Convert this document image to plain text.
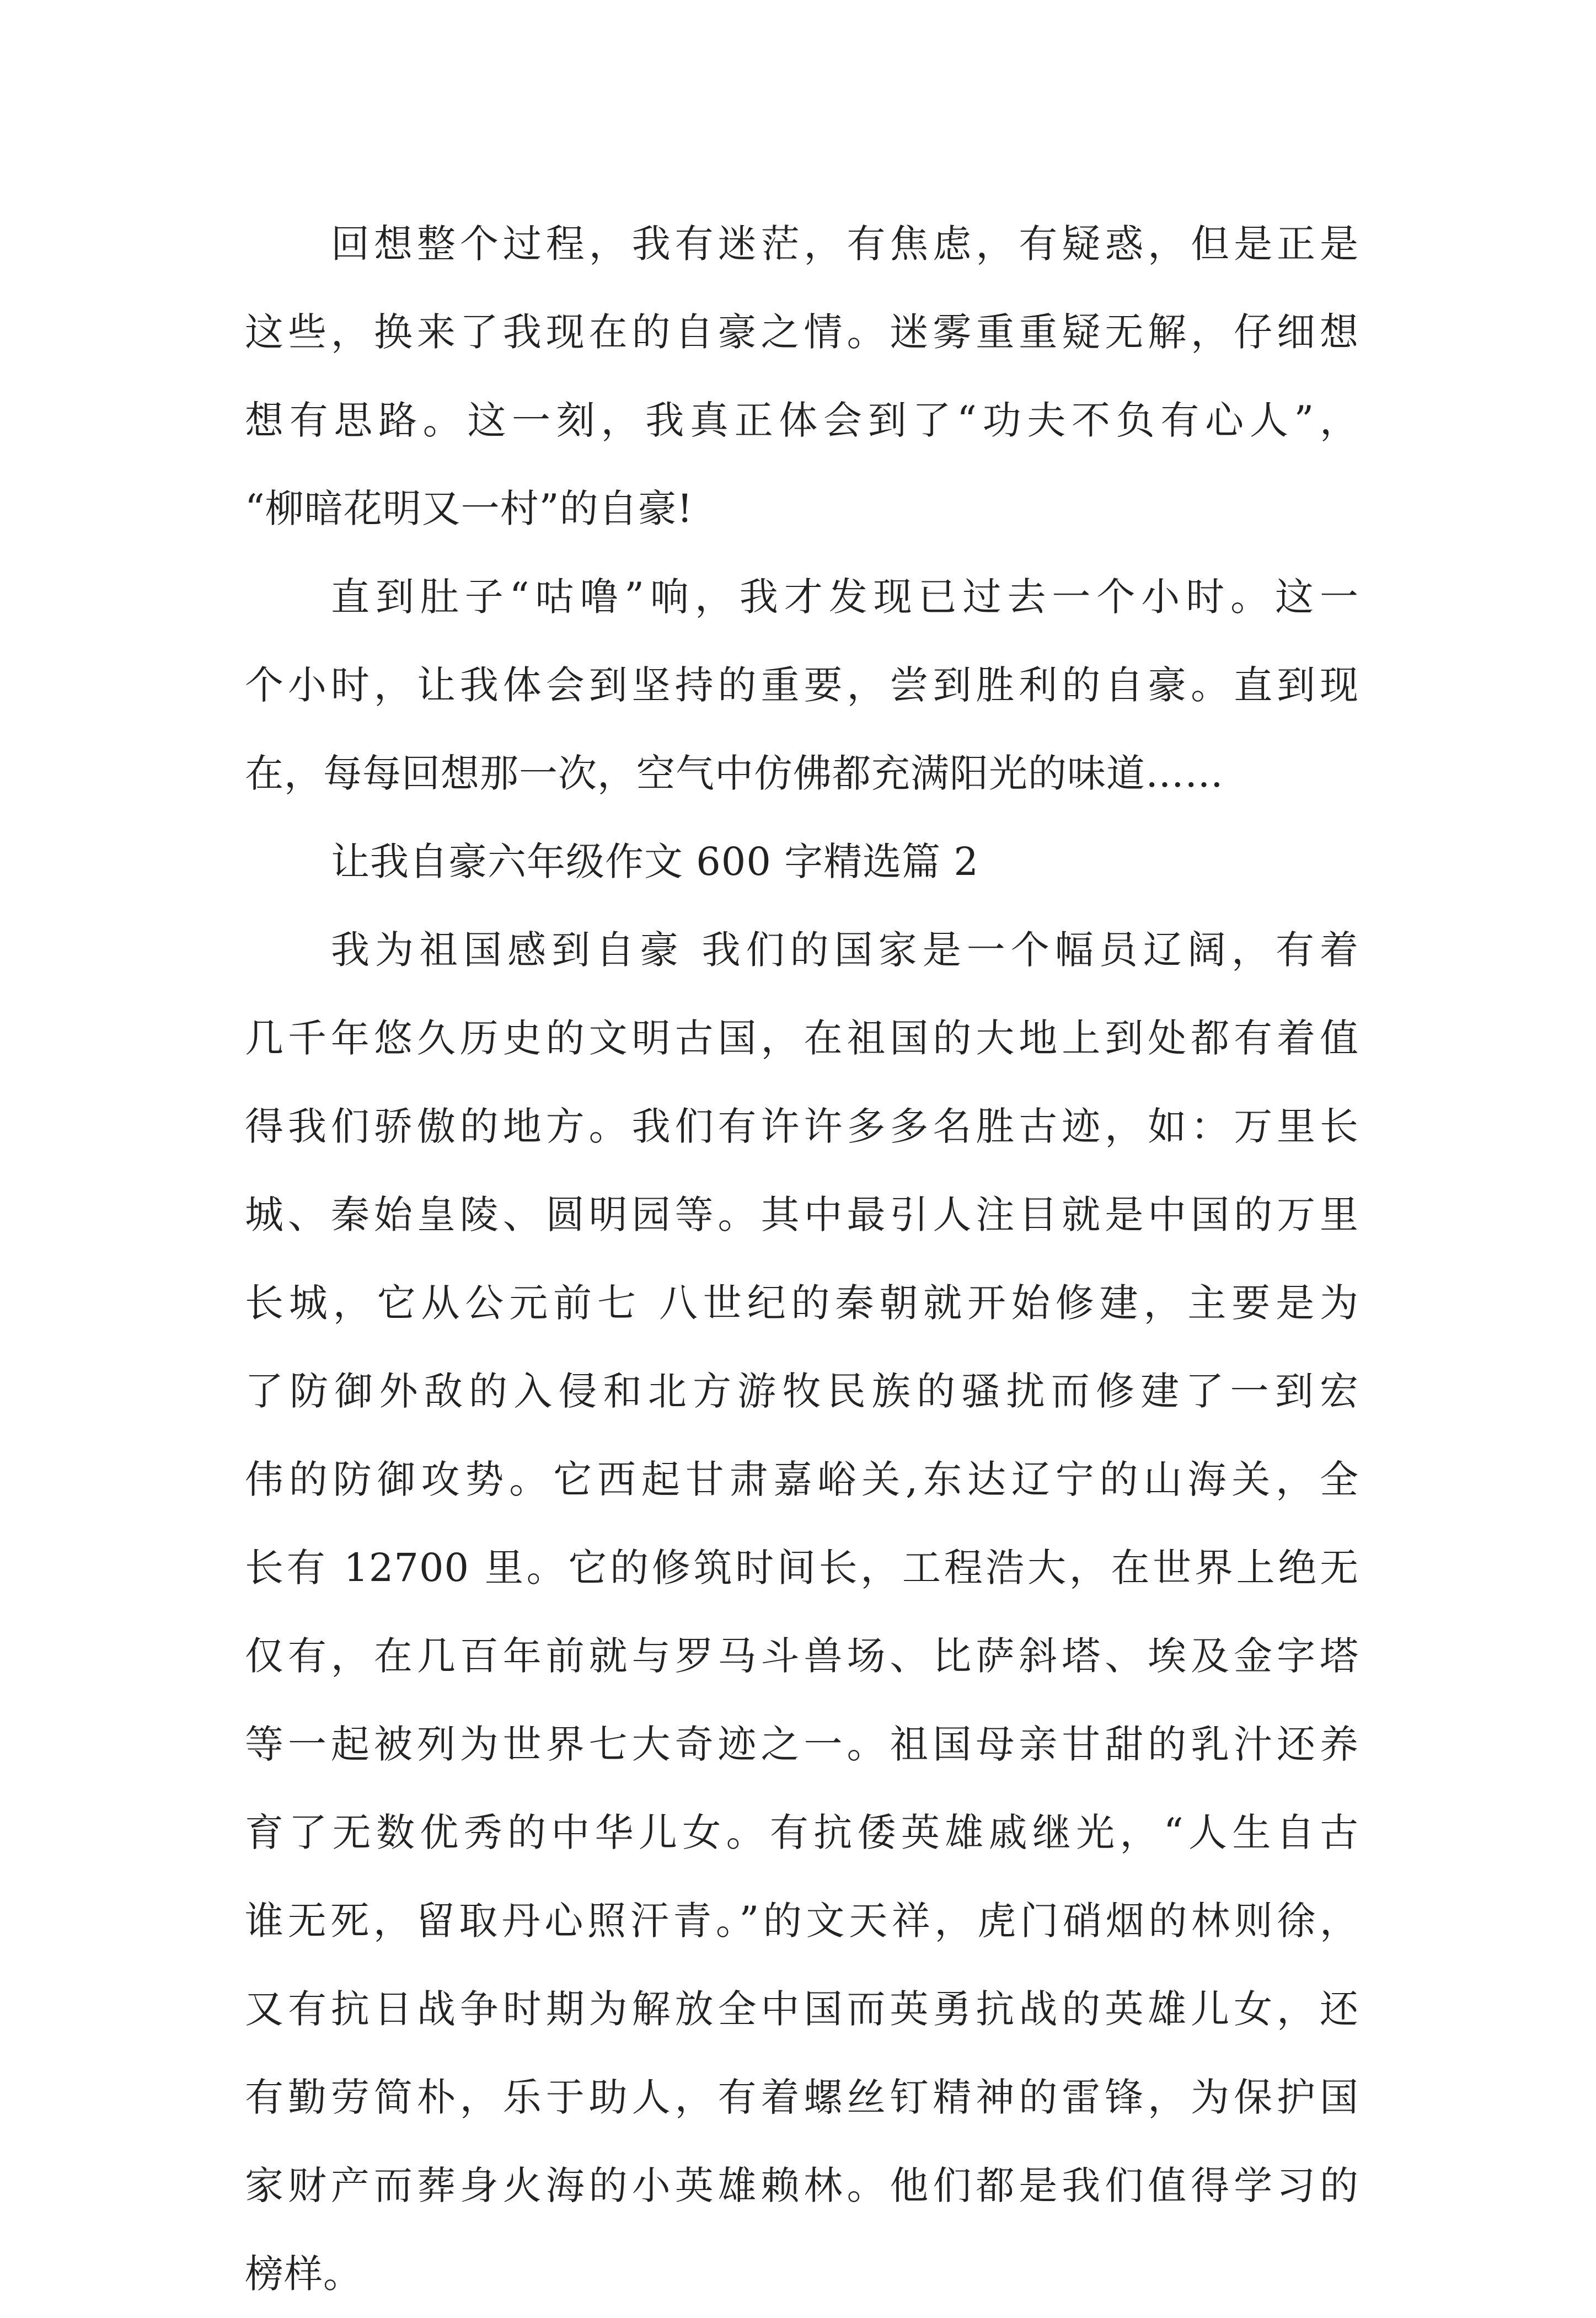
回想整个过程，我有迷茫，有焦虑，有疑惑，但是正是
这些，换来了我现在的自豪之情。迷雾重重疑无解，仔细想
想有思路。这一刻，我真正体会到了“功夫不负有心人”，
“柳暗花明又一村”的自豪!
直到肚子“咕噜”响，我才发现已过去一个小时。这一
个小时，让我体会到坚持的重要，尝到胜利的自豪。直到现
在，每每回想那一次，空气中仿佛都充满阳光的味道……
让我自豪六年级作文 600 字精选篇 2
我为祖国感到自豪 我们的国家是一个幅员辽阔，有着
几千年悠久历史的文明古国，在祖国的大地上到处都有着值
得我们骄傲的地方。我们有许许多多名胜古迹，如：万里长
城、秦始皇陵、圆明园等。其中最引人注目就是中国的万里
长城，它从公元前七 八世纪的秦朝就开始修建，主要是为
了防御外敌的入侵和北方游牧民族的骚扰而修建了一到宏
伟的防御攻势。它西起甘肃嘉峪关,东达辽宁的山海关，全
长有 12700 里。它的修筑时间长，工程浩大，在世界上绝无
仅有，在几百年前就与罗马斗兽场、比萨斜塔、埃及金字塔
等一起被列为世界七大奇迹之一。祖国母亲甘甜的乳汁还养
育了无数优秀的中华儿女。有抗倭英雄戚继光，“人生自古
谁无死，留取丹心照汗青。”的文天祥，虎门硝烟的林则徐，
又有抗日战争时期为解放全中国而英勇抗战的英雄儿女，还
有勤劳简朴，乐于助人，有着螺丝钉精神的雷锋，为保护国
家财产而葬身火海的小英雄赖林。他们都是我们值得学习的
榜样。
